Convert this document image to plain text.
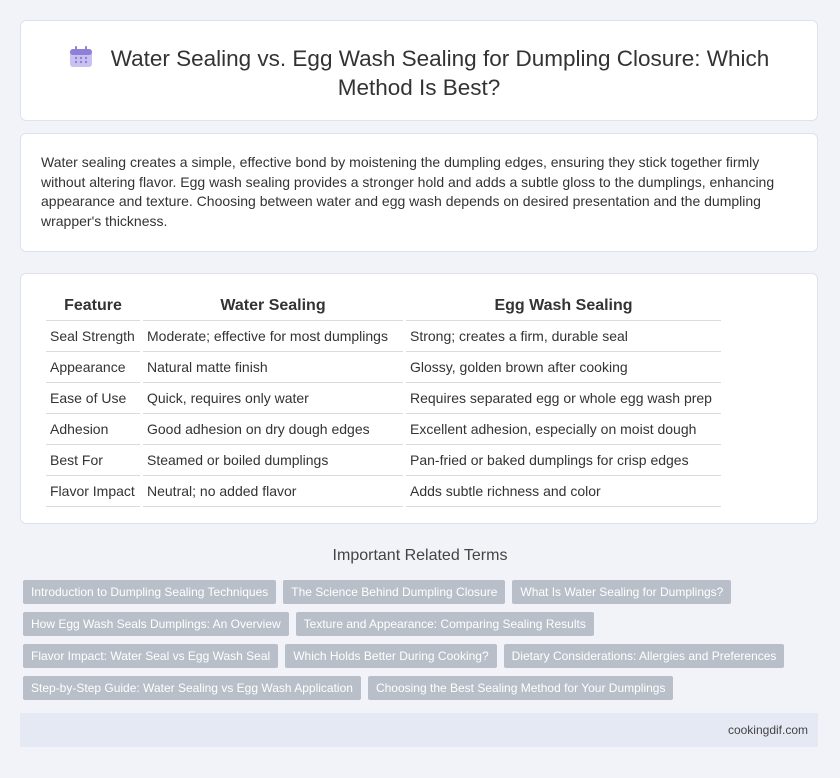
Water Sealing vs. Egg Wash Sealing for Dumpling Closure: Which Method Is Best?
Water sealing creates a simple, effective bond by moistening the dumpling edges, ensuring they stick together firmly without altering flavor. Egg wash sealing provides a stronger hold and adds a subtle gloss to the dumplings, enhancing appearance and texture. Choosing between water and egg wash depends on desired presentation and the dumpling wrapper's thickness.
Feature	Water Sealing	Egg Wash Sealing
Seal Strength	Moderate; effective for most dumplings	Strong; creates a firm, durable seal
Appearance	Natural matte finish	Glossy, golden brown after cooking
Ease of Use	Quick, requires only water	Requires separated egg or whole egg wash prep
Adhesion	Good adhesion on dry dough edges	Excellent adhesion, especially on moist dough
Best For	Steamed or boiled dumplings	Pan-fried or baked dumplings for crisp edges
Flavor Impact	Neutral; no added flavor	Adds subtle richness and color
Important Related Terms
Introduction to Dumpling Sealing Techniques	The Science Behind Dumpling Closure	What Is Water Sealing for Dumplings?
How Egg Wash Seals Dumplings: An Overview	Texture and Appearance: Comparing Sealing Results
Flavor Impact: Water Seal vs Egg Wash Seal	Which Holds Better During Cooking?	Dietary Considerations: Allergies and Preferences
Step-by-Step Guide: Water Sealing vs Egg Wash Application	Choosing the Best Sealing Method for Your Dumplings
cookingdif.com
